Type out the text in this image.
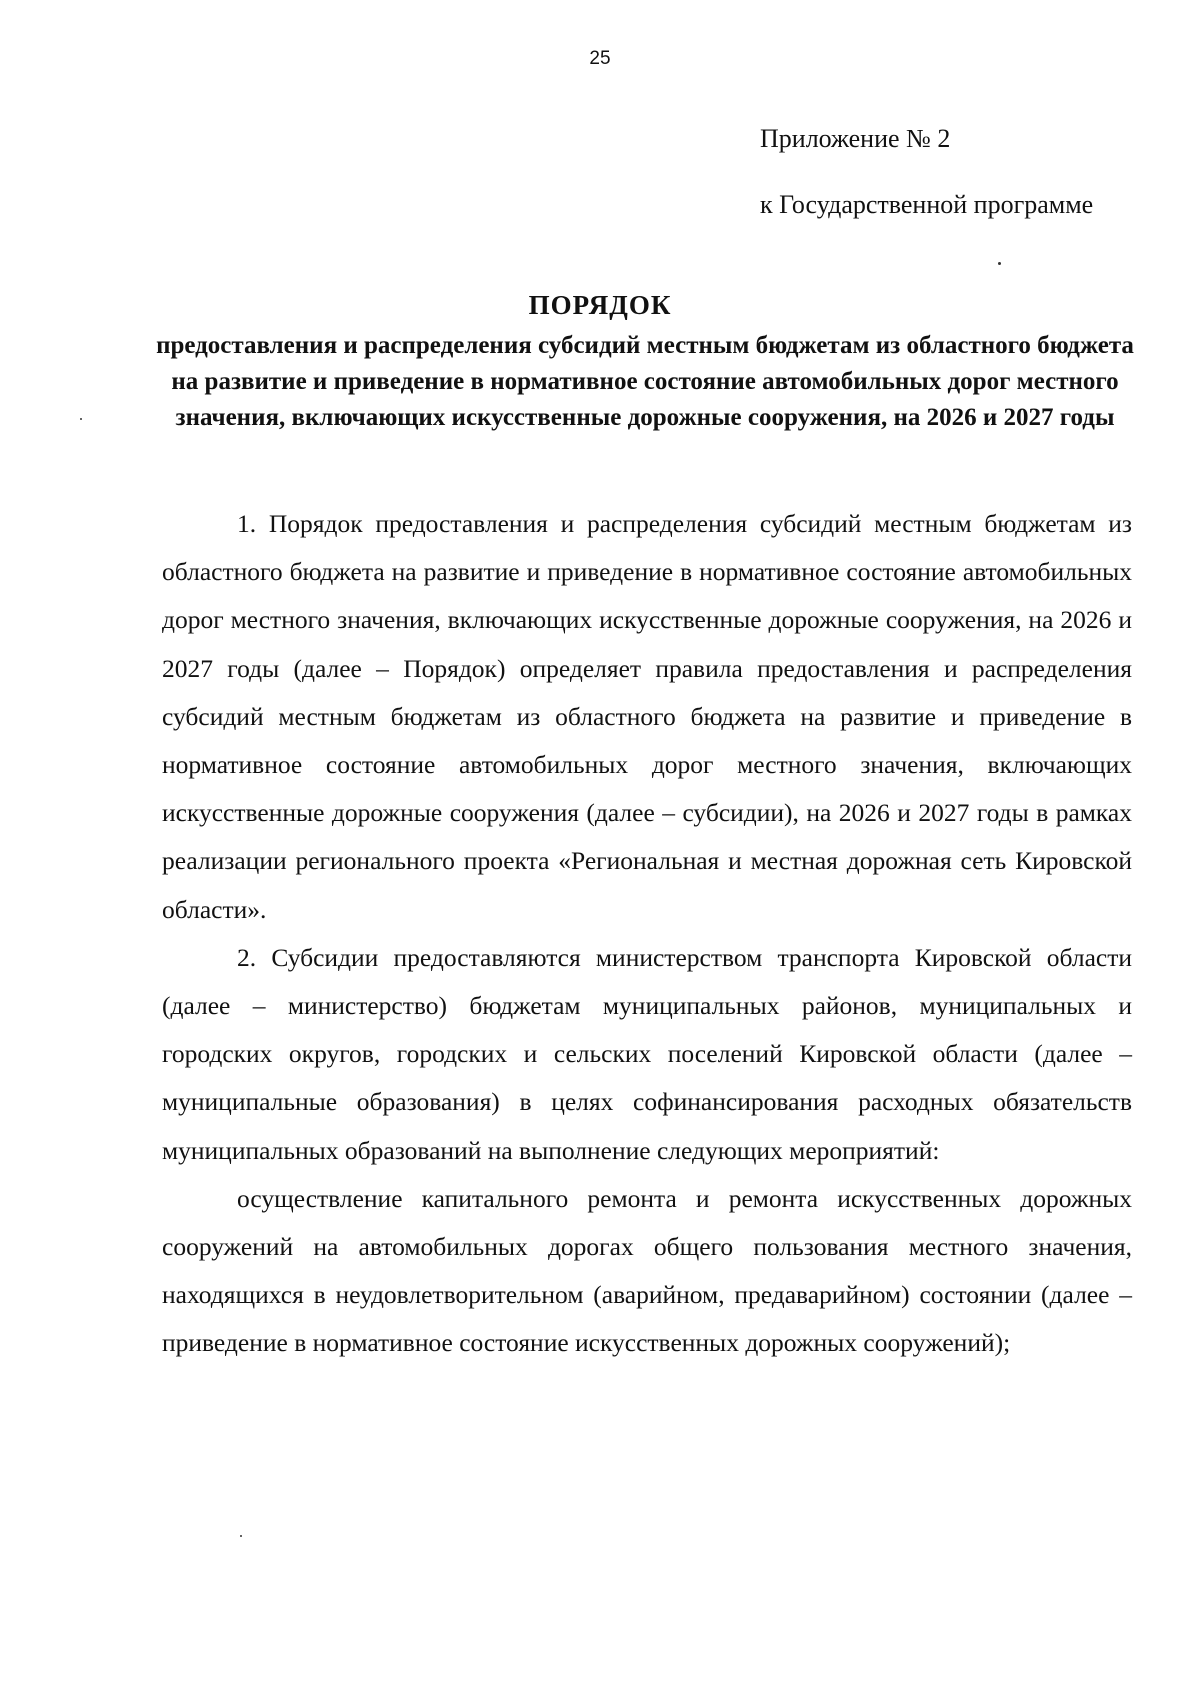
25
Приложение № 2
к Государственной программе
ПОРЯДОК
предоставления и распределения субсидий местным бюджетам из областного бюджета на развитие и приведение в нормативное состояние автомобильных дорог местного значения, включающих искусственные дорожные сооружения, на 2026 и 2027 годы

1. Порядок предоставления и распределения субсидий местным бюджетам из областного бюджета на развитие и приведение в нормативное состояние автомобильных дорог местного значения, включающих искусственные дорожные сооружения, на 2026 и 2027 годы (далее – Порядок) определяет правила предоставления и распределения субсидий местным бюджетам из областного бюджета на развитие и приведение в нормативное состояние автомобильных дорог местного значения, включающих искусственные дорожные сооружения (далее – субсидии), на 2026 и 2027 годы в рамках реализации регионального проекта «Региональная и местная дорожная сеть Кировской области».

2. Субсидии предоставляются министерством транспорта Кировской области (далее – министерство) бюджетам муниципальных районов, муниципальных и городских округов, городских и сельских поселений Кировской области (далее – муниципальные образования) в целях софинансирования расходных обязательств муниципальных образований на выполнение следующих мероприятий:

осуществление капитального ремонта и ремонта искусственных дорожных сооружений на автомобильных дорогах общего пользования местного значения, находящихся в неудовлетворительном (аварийном, предаварийном) состоянии (далее – приведение в нормативное состояние искусственных дорожных сооружений);
